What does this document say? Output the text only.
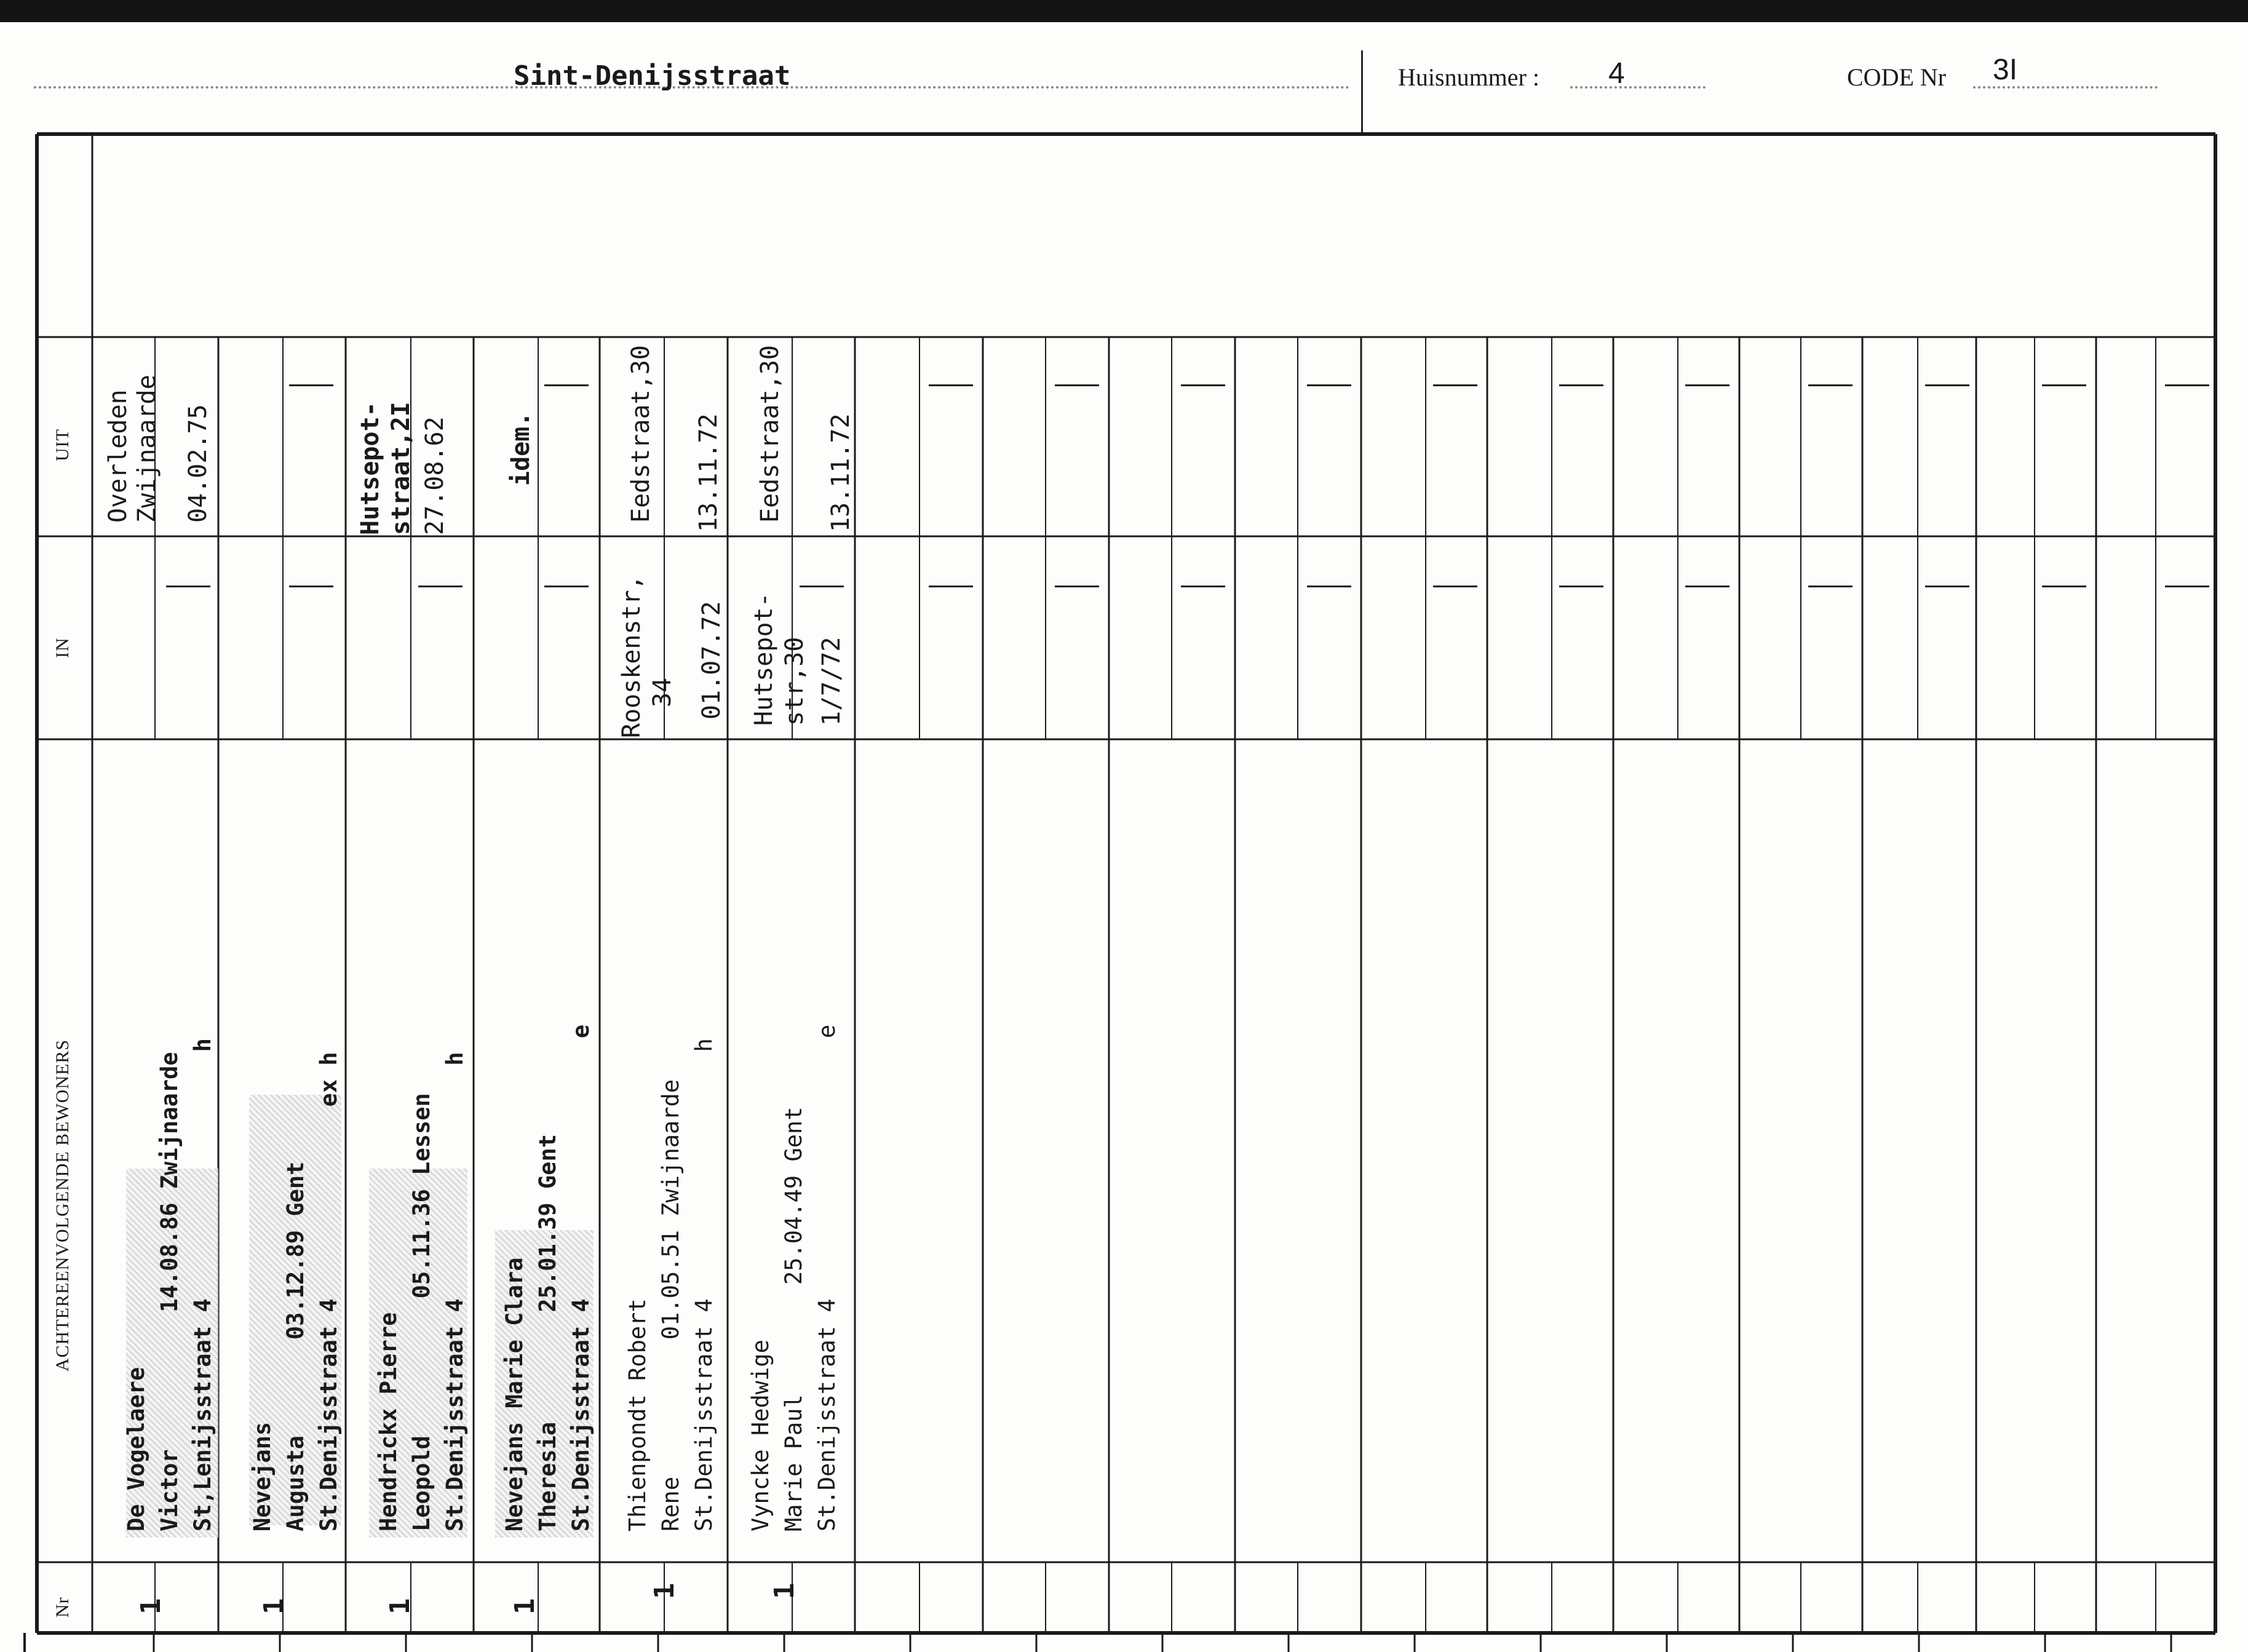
Sint-Denijsstraat	Huisnummer : 4	CODE Nr 3I
Nr
ACHTEREENVOLGENDE BEWONERS
IN
UIT
De Vogelaere Victor          14.08.86 Zwijnaarde St,Lenijsstraat 4                  h
1
Overleden Zwijnaarde 04.02.75
Nevejans Augusta       03.12.89 Gent St.Denijsstraat 4              ex h
1
Hendrickx Pierre Leopold          05.11.36 Lessen St.Denijsstraat 4                 h
1
Hutsepot- straat,2I 27.08.62
Nevejans Marie Clara Theresia        25.01.39 Gent St.Denijsstraat 4                   e
1
idem.
Thienpondt Robert Rene          01.05.51 Zwijnaarde St.Denijsstraat 4                  h
1
Rooskenstr, 34 01.07.72
Eedstraat,30 13.11.72
Vyncke Hedwige Marie Paul        25.04.49 Gent St.Denijsstraat 4                   e
1
Hutsepot- str,30 1/7/72
Eedstraat,30 13.11.72
